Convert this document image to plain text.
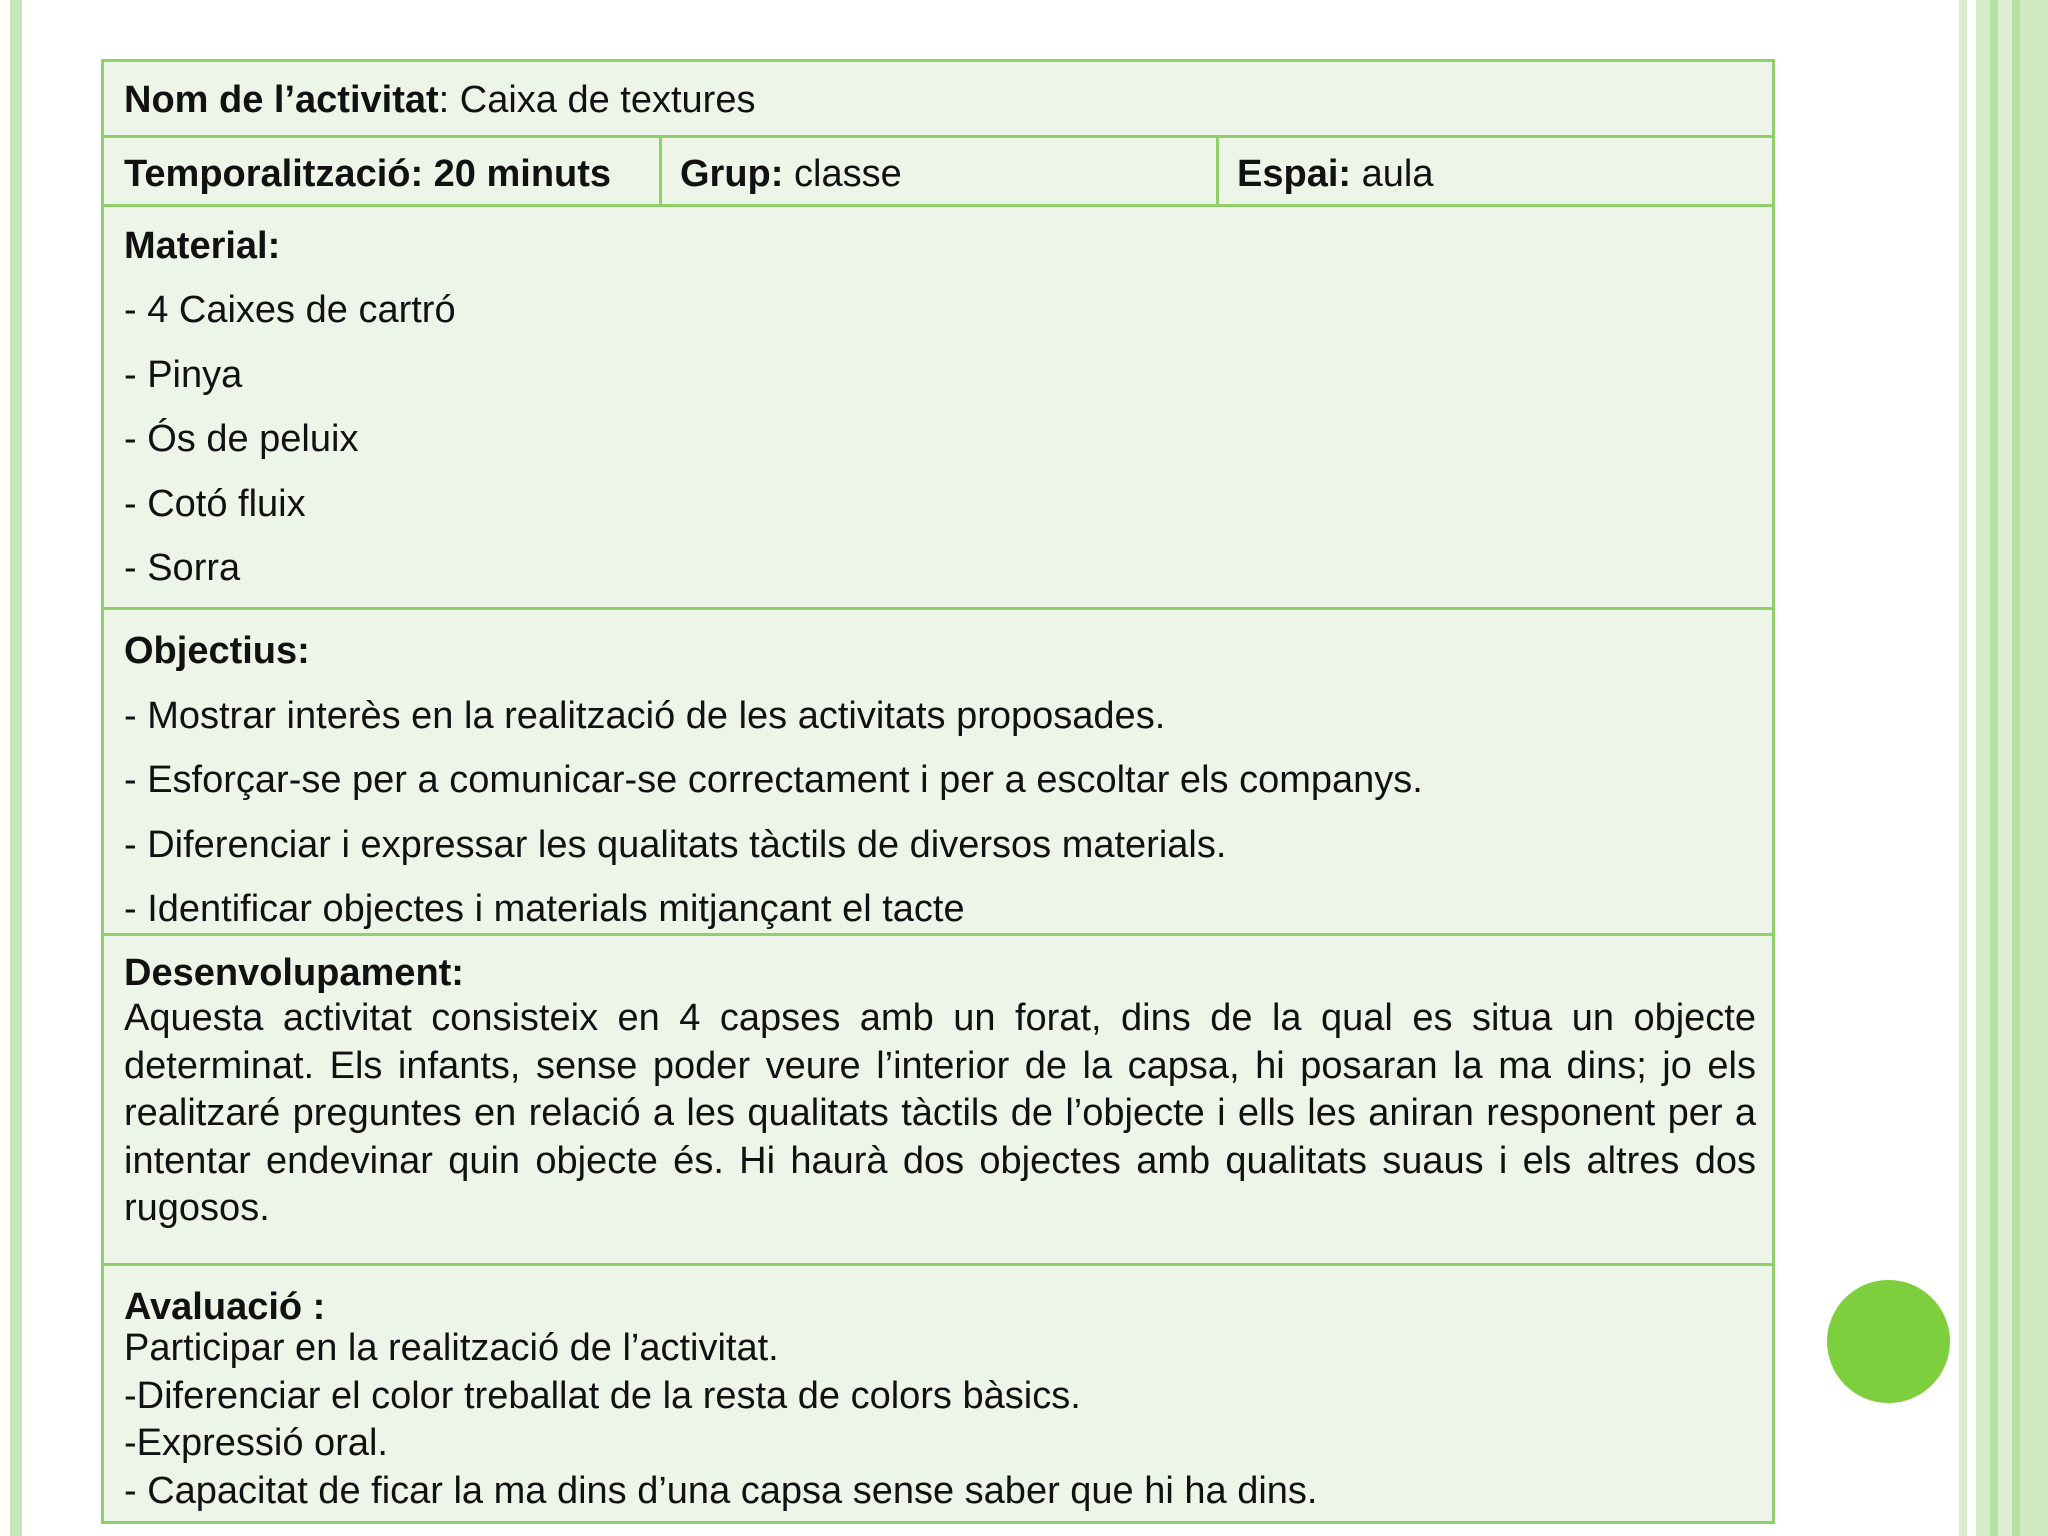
Nom de l’activitat: Caixa de textures
Temporalització: 20 minuts Grup: classe	Espai: aula
Material:
- 4 Caixes de cartró
- Pinya
- Ós de peluix
- Cotó fluix
- Sorra
Objectius:
- Mostrar interès en la realització de les activitats proposades.
- Esforçar-se per a comunicar-se correctament i per a escoltar els companys.
- Diferenciar i expressar les qualitats tàctils de diversos materials.
- Identificar objectes i materials mitjançant el tacte
Desenvolupament:
Aquesta activitat consisteix en 4 capses amb un forat, dins de la qual es situa un objecte determinat. Els infants, sense poder veure l’interior de la capsa, hi posaran la ma dins; jo els realitzaré preguntes en relació a les qualitats tàctils de l’objecte i ells les aniran responent per a intentar endevinar quin objecte és. Hi haurà dos objectes amb qualitats suaus i els altres dos rugosos.
Avaluació :
Participar en la realització de l’activitat.
-Diferenciar el color treballat de la resta de colors bàsics.
-Expressió oral.
- Capacitat de ficar la ma dins d’una capsa sense saber que hi ha dins.
